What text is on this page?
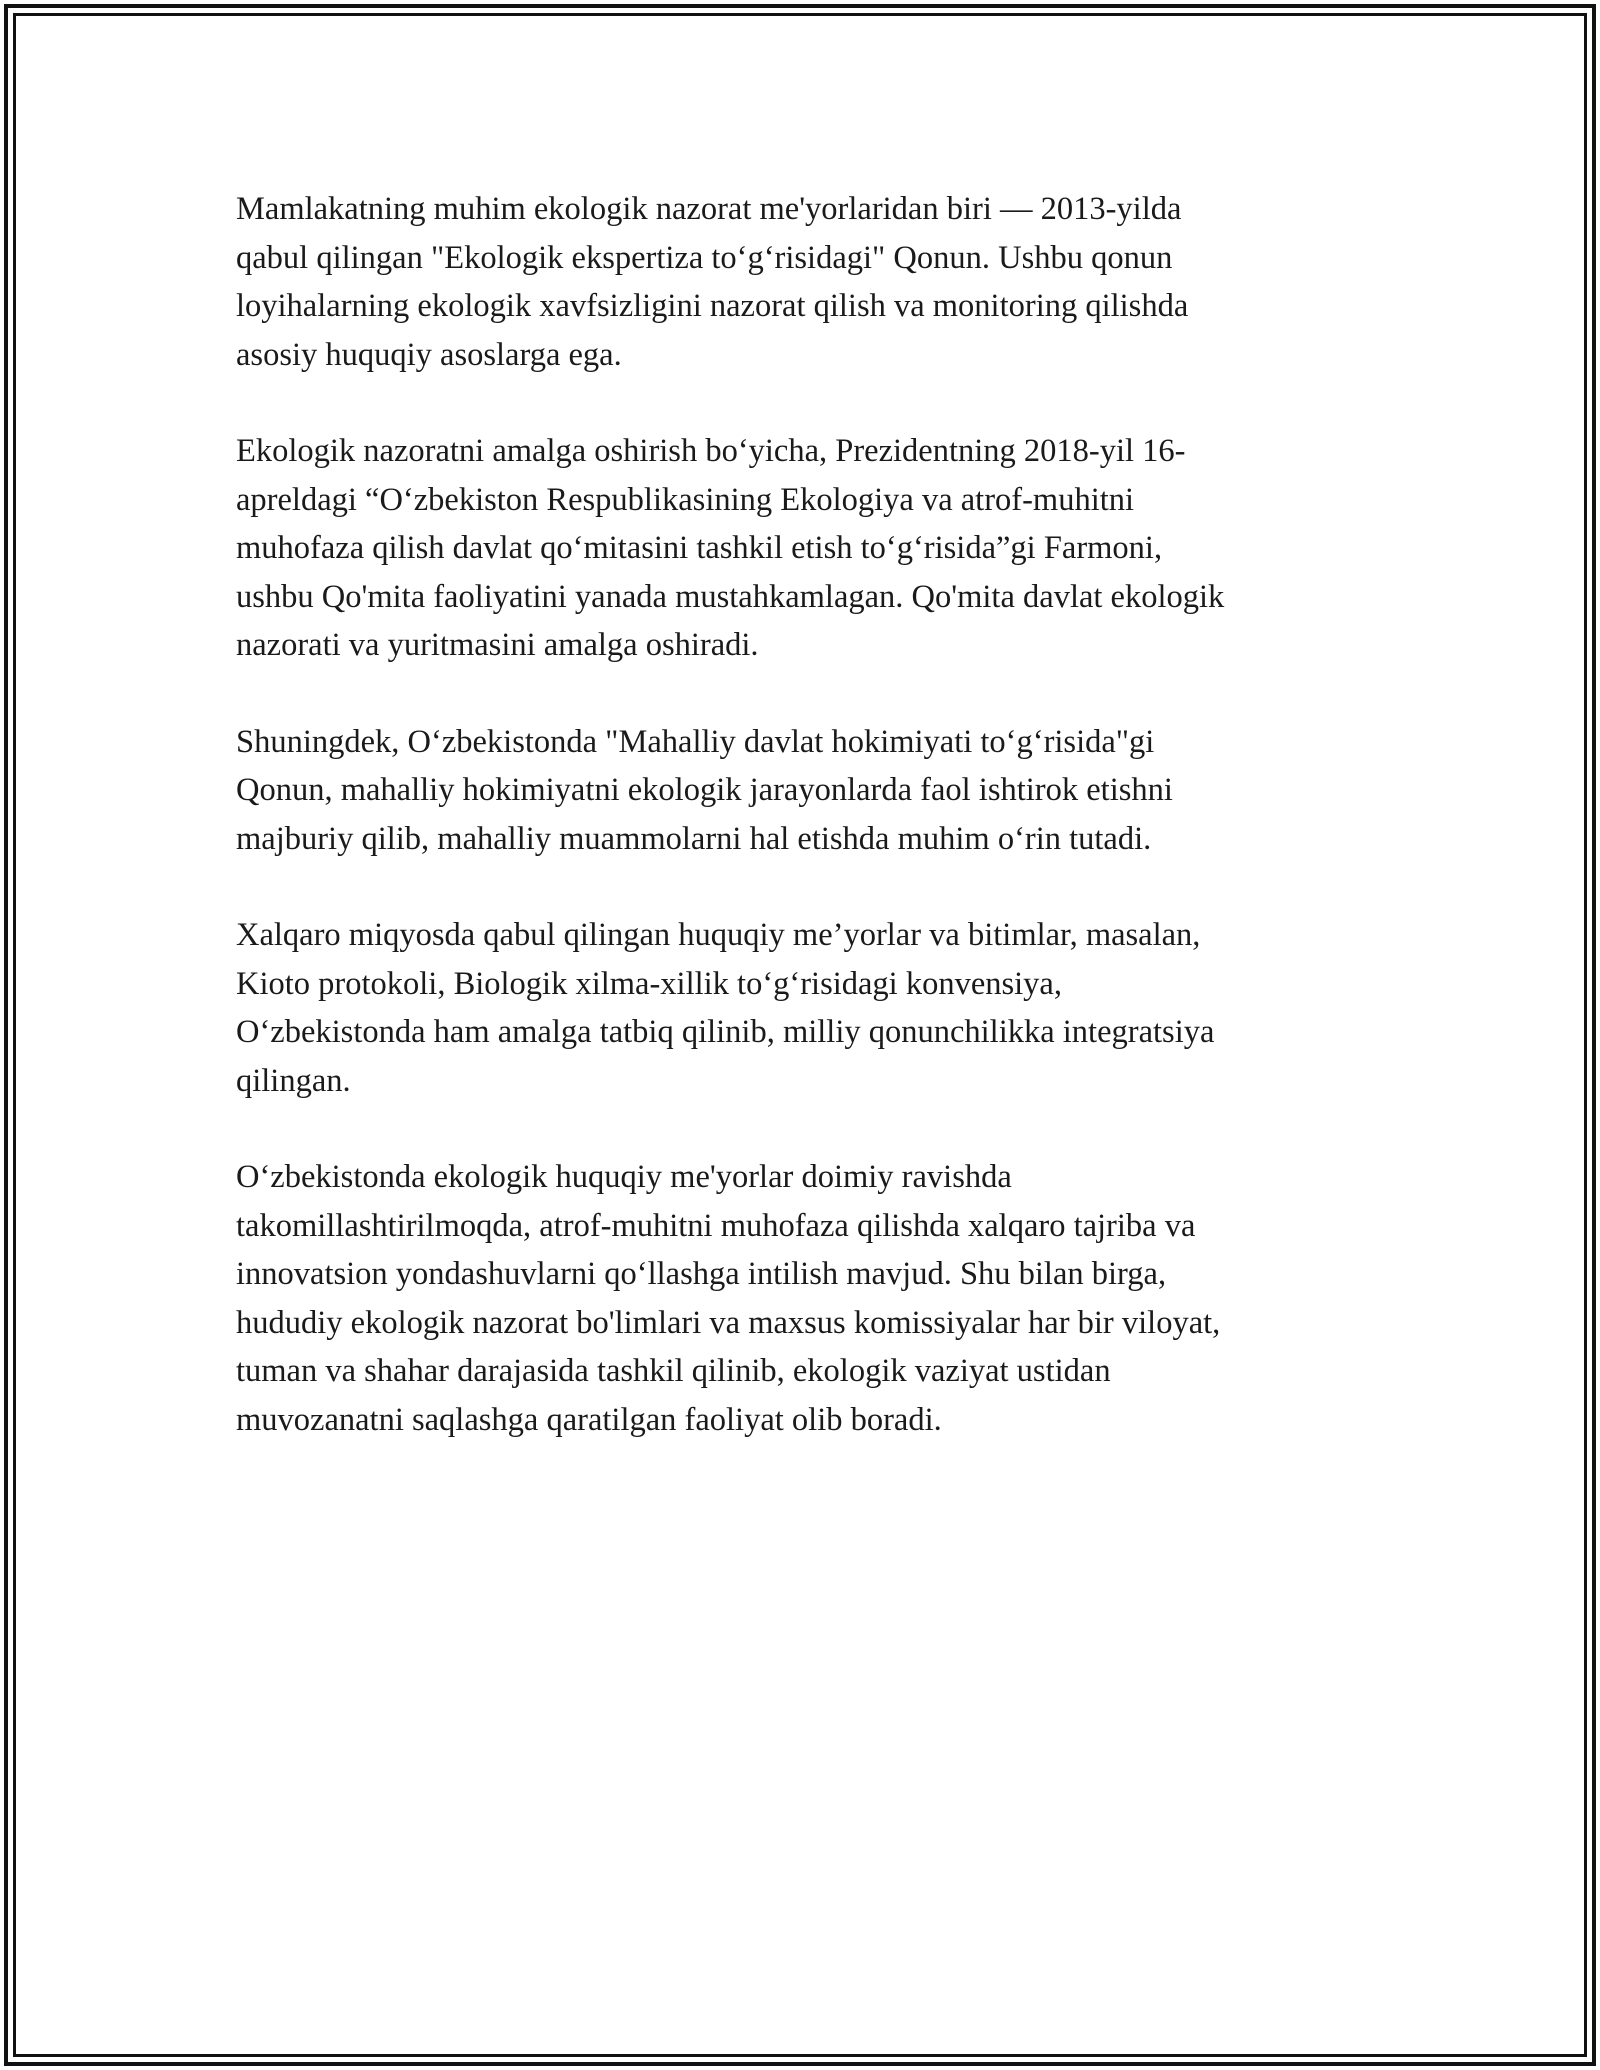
Mamlakatning muhim ekologik nazorat me'yorlaridan biri — 2013-yilda
qabul qilingan "Ekologik ekspertiza to‘g‘risidagi" Qonun. Ushbu qonun
loyihalarning ekologik xavfsizligini nazorat qilish va monitoring qilishda
asosiy huquqiy asoslarga ega.

Ekologik nazoratni amalga oshirish bo‘yicha, Prezidentning 2018-yil 16-
apreldagi “O‘zbekiston Respublikasining Ekologiya va atrof-muhitni
muhofaza qilish davlat qo‘mitasini tashkil etish to‘g‘risida”gi Farmoni,
ushbu Qo'mita faoliyatini yanada mustahkamlagan. Qo'mita davlat ekologik
nazorati va yuritmasini amalga oshiradi.

Shuningdek, O‘zbekistonda "Mahalliy davlat hokimiyati to‘g‘risida"gi
Qonun, mahalliy hokimiyatni ekologik jarayonlarda faol ishtirok etishni
majburiy qilib, mahalliy muammolarni hal etishda muhim o‘rin tutadi.

Xalqaro miqyosda qabul qilingan huquqiy me’yorlar va bitimlar, masalan,
Kioto protokoli, Biologik xilma-xillik to‘g‘risidagi konvensiya,
O‘zbekistonda ham amalga tatbiq qilinib, milliy qonunchilikka integratsiya
qilingan.

O‘zbekistonda ekologik huquqiy me'yorlar doimiy ravishda
takomillashtirilmoqda, atrof-muhitni muhofaza qilishda xalqaro tajriba va
innovatsion yondashuvlarni qo‘llashga intilish mavjud. Shu bilan birga,
hududiy ekologik nazorat bo'limlari va maxsus komissiyalar har bir viloyat,
tuman va shahar darajasida tashkil qilinib, ekologik vaziyat ustidan
muvozanatni saqlashga qaratilgan faoliyat olib boradi.
